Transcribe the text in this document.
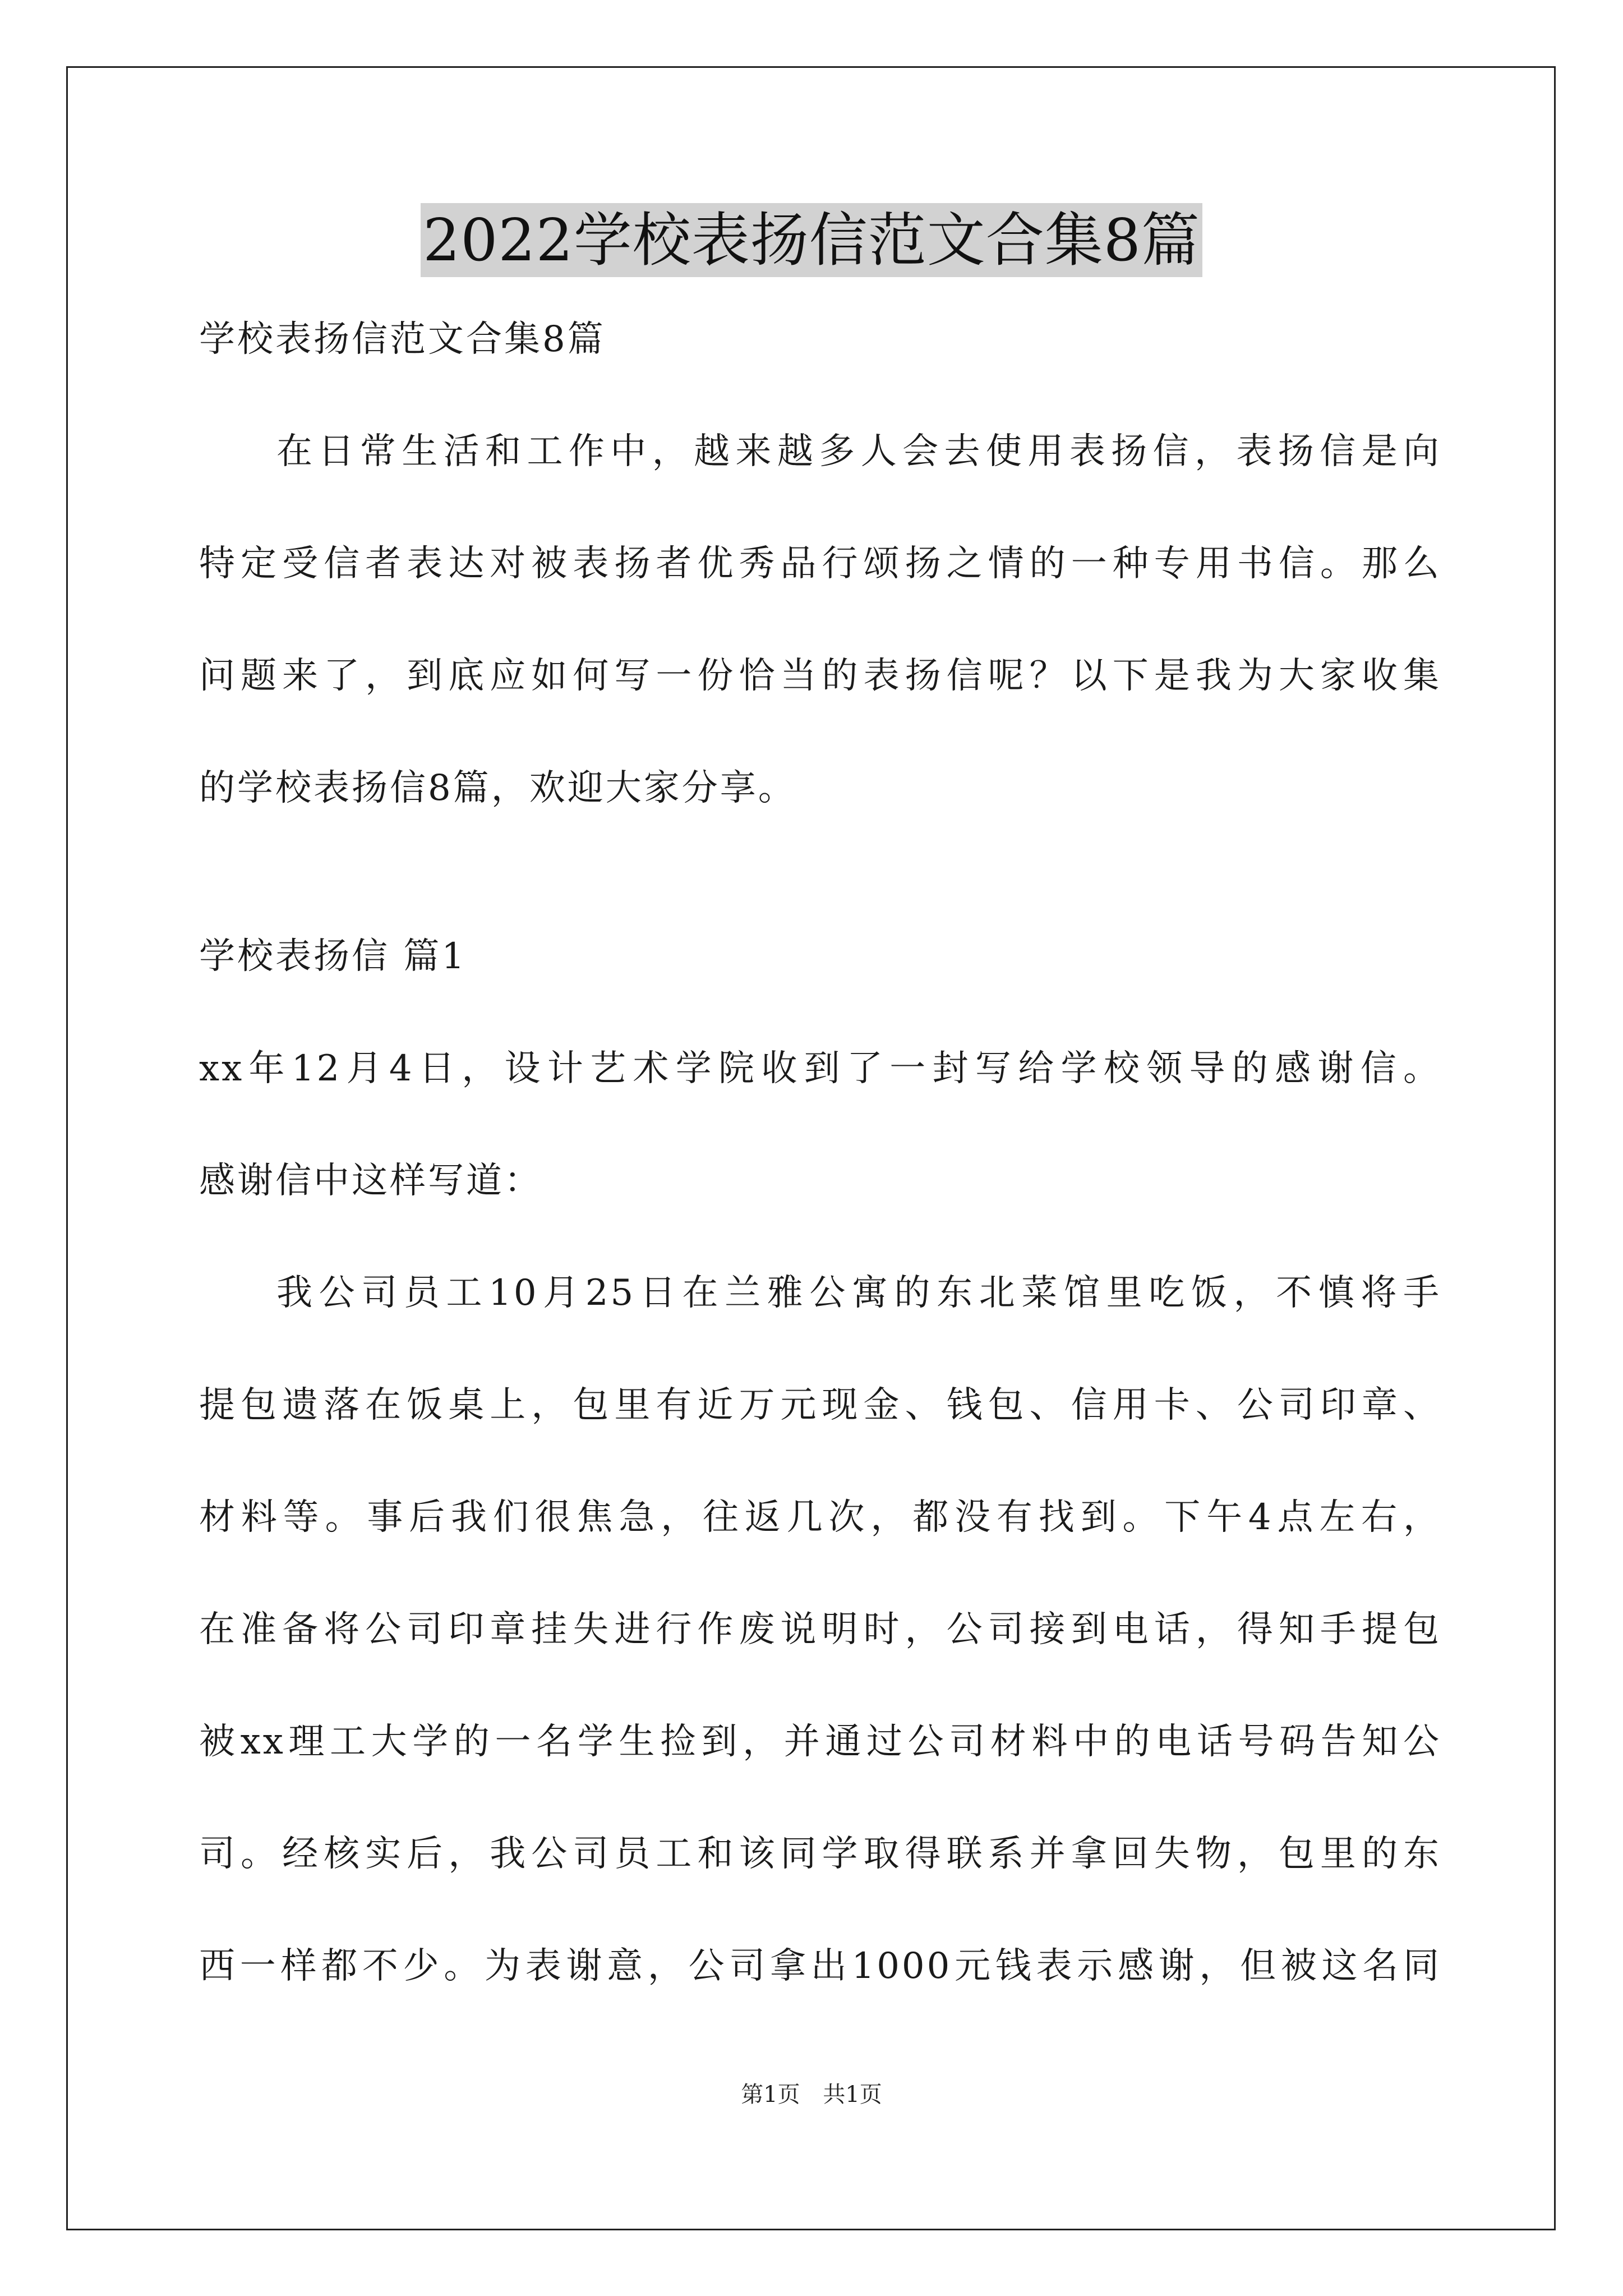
2022学校表扬信范文合集8篇
学校表扬信范文合集8篇
在日常生活和工作中，越来越多人会去使用表扬信，表扬信是向
特定受信者表达对被表扬者优秀品行颂扬之情的一种专用书信。那么
问题来了，到底应如何写一份恰当的表扬信呢？以下是我为大家收集
的学校表扬信8篇，欢迎大家分享。
学校表扬信 篇1
xx年12月4日，设计艺术学院收到了一封写给学校领导的感谢信。
感谢信中这样写道：
我公司员工10月25日在兰雅公寓的东北菜馆里吃饭，不慎将手
提包遗落在饭桌上，包里有近万元现金、钱包、信用卡、公司印章、
材料等。事后我们很焦急，往返几次，都没有找到。下午4点左右，
在准备将公司印章挂失进行作废说明时，公司接到电话，得知手提包
被xx理工大学的一名学生捡到，并通过公司材料中的电话号码告知公
司。经核实后，我公司员工和该同学取得联系并拿回失物，包里的东
西一样都不少。为表谢意，公司拿出1000元钱表示感谢，但被这名同
第1页 共1页
